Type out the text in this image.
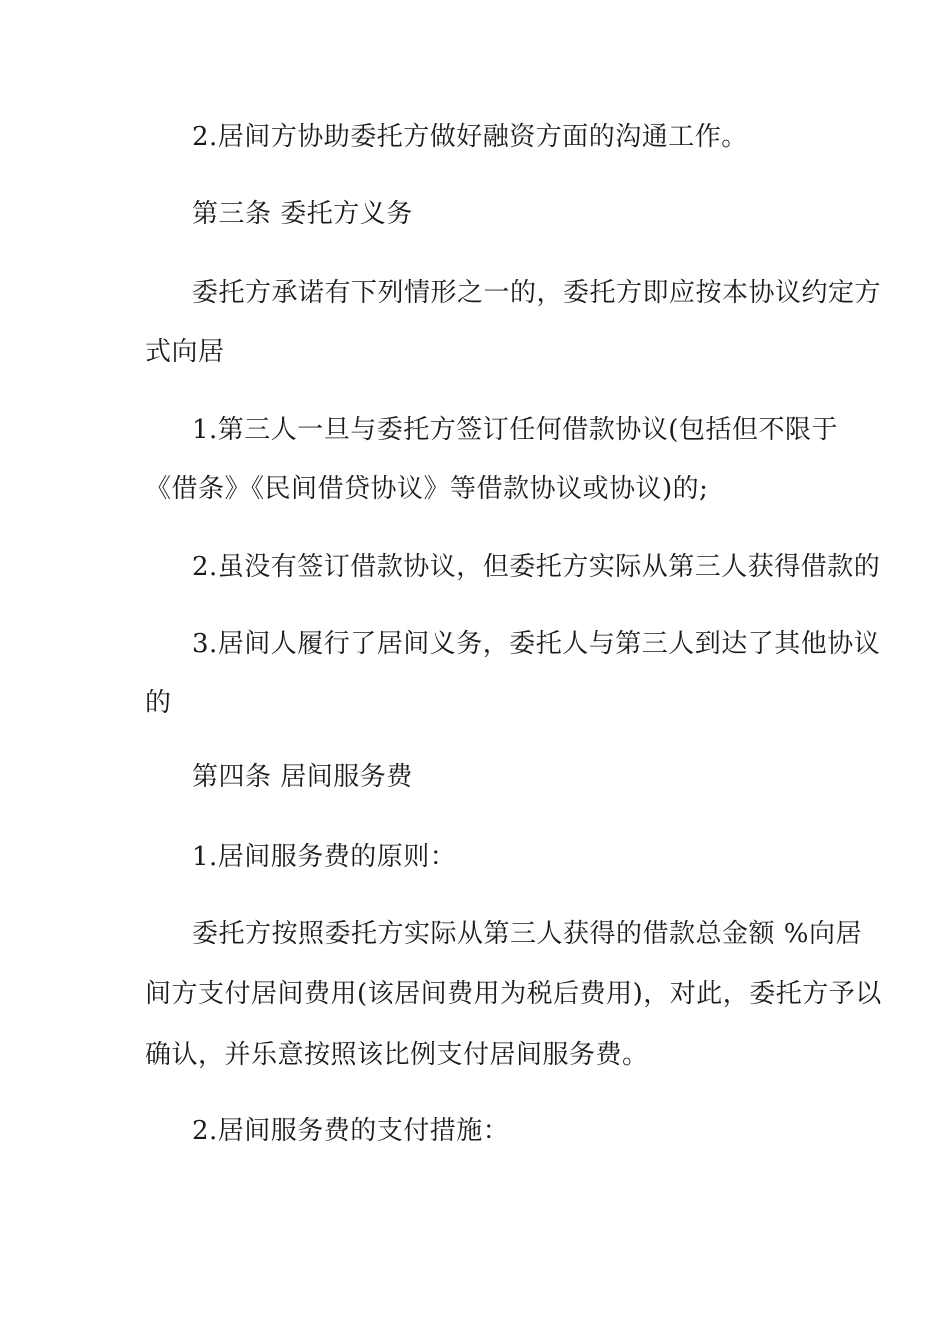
2.居间方协助委托方做好融资方面的沟通工作。
第三条 委托方义务
委托方承诺有下列情形之一的，委托方即应按本协议约定方
式向居
1.第三人一旦与委托方签订任何借款协议(包括但不限于
《借条》《民间借贷协议》等借款协议或协议)的;
2.虽没有签订借款协议，但委托方实际从第三人获得借款的
3.居间人履行了居间义务，委托人与第三人到达了其他协议
的
第四条 居间服务费
1.居间服务费的原则：
委托方按照委托方实际从第三人获得的借款总金额 %向居
间方支付居间费用(该居间费用为税后费用)，对此，委托方予以
确认，并乐意按照该比例支付居间服务费。
2.居间服务费的支付措施：
